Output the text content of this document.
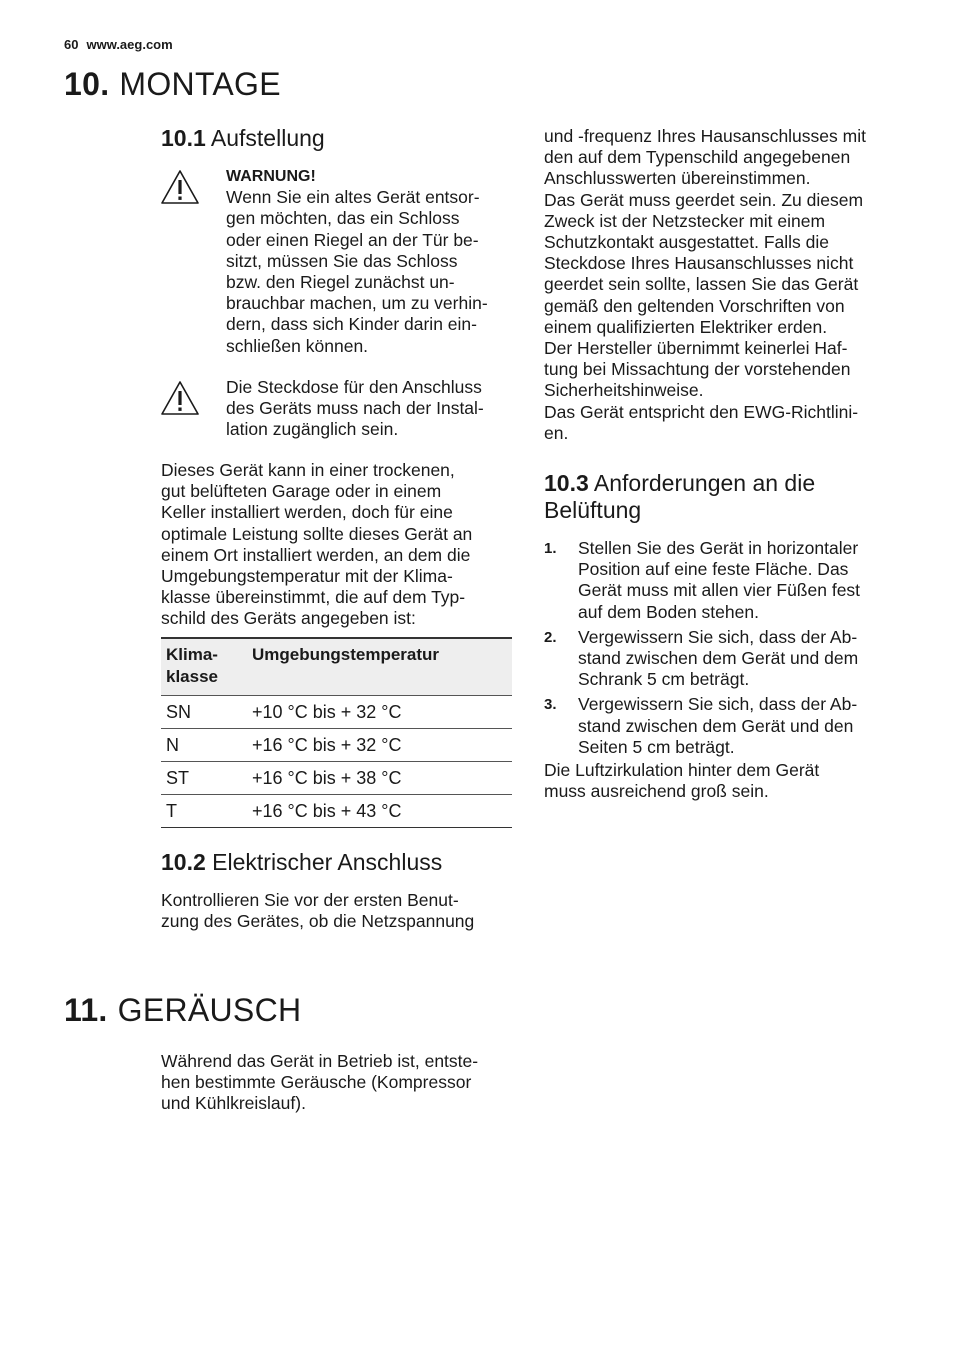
60 www.aeg.com
10. MONTAGE
10.1 Aufstellung
WARNUNG!
Wenn Sie ein altes Gerät entsor-
gen möchten, das ein Schloss
oder einen Riegel an der Tür be-
sitzt, müssen Sie das Schloss
bzw. den Riegel zunächst un-
brauchbar machen, um zu verhin-
dern, dass sich Kinder darin ein-
schließen können.
Die Steckdose für den Anschluss
des Geräts muss nach der Instal-
lation zugänglich sein.
Dieses Gerät kann in einer trockenen,
gut belüfteten Garage oder in einem
Keller installiert werden, doch für eine
optimale Leistung sollte dieses Gerät an
einem Ort installiert werden, an dem die
Umgebungstemperatur mit der Klima-
klasse übereinstimmt, die auf dem Typ-
schild des Geräts angegeben ist:
Klima-
klasse	Umgebungstemperatur
SN	+10 °C bis + 32 °C
N	+16 °C bis + 32 °C
ST	+16 °C bis + 38 °C
T	+16 °C bis + 43 °C
10.2 Elektrischer Anschluss
Kontrollieren Sie vor der ersten Benut-
zung des Gerätes, ob die Netzspannung
und -frequenz Ihres Hausanschlusses mit
den auf dem Typenschild angegebenen
Anschlusswerten übereinstimmen.
Das Gerät muss geerdet sein. Zu diesem
Zweck ist der Netzstecker mit einem
Schutzkontakt ausgestattet. Falls die
Steckdose Ihres Hausanschlusses nicht
geerdet sein sollte, lassen Sie das Gerät
gemäß den geltenden Vorschriften von
einem qualifizierten Elektriker erden.
Der Hersteller übernimmt keinerlei Haf-
tung bei Missachtung der vorstehenden
Sicherheitshinweise.
Das Gerät entspricht den EWG-Richtlini-
en.
10.3 Anforderungen an die
Belüftung
1. Stellen Sie des Gerät in horizontaler
Position auf eine feste Fläche. Das
Gerät muss mit allen vier Füßen fest
auf dem Boden stehen.
2. Vergewissern Sie sich, dass der Ab-
stand zwischen dem Gerät und dem
Schrank 5 cm beträgt.
3. Vergewissern Sie sich, dass der Ab-
stand zwischen dem Gerät und den
Seiten 5 cm beträgt.
Die Luftzirkulation hinter dem Gerät
muss ausreichend groß sein.
11. GERÄUSCH
Während das Gerät in Betrieb ist, entste-
hen bestimmte Geräusche (Kompressor
und Kühlkreislauf).
